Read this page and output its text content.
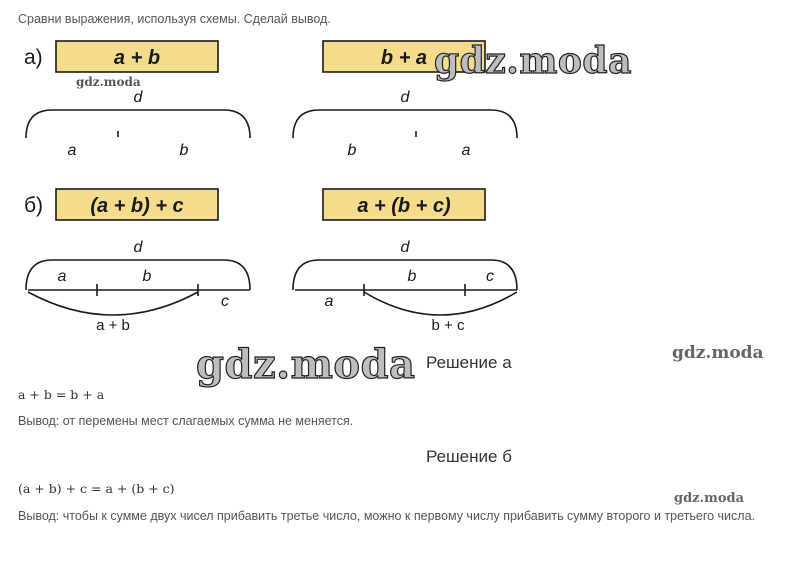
Сравни выражения, используя схемы. Сделай вывод.
а)	a + b	b + a
d
a	b
d
b	a
б) (a + b) + c	a + (b + c)
d
a	b
c
a + b
d
a
b	c
b + c
gdz.moda	gdz.moda
gdz.moda	gdz.moda
gdz.moda
Решение а
a + b = b + a
Вывод: от перемены мест слагаемых сумма не меняется.
Решение б
(a + b) + c = a + (b + c)
Вывод: чтобы к сумме двух чисел прибавить третье число, можно к первому числу прибавить сумму второго и третьего числа.
